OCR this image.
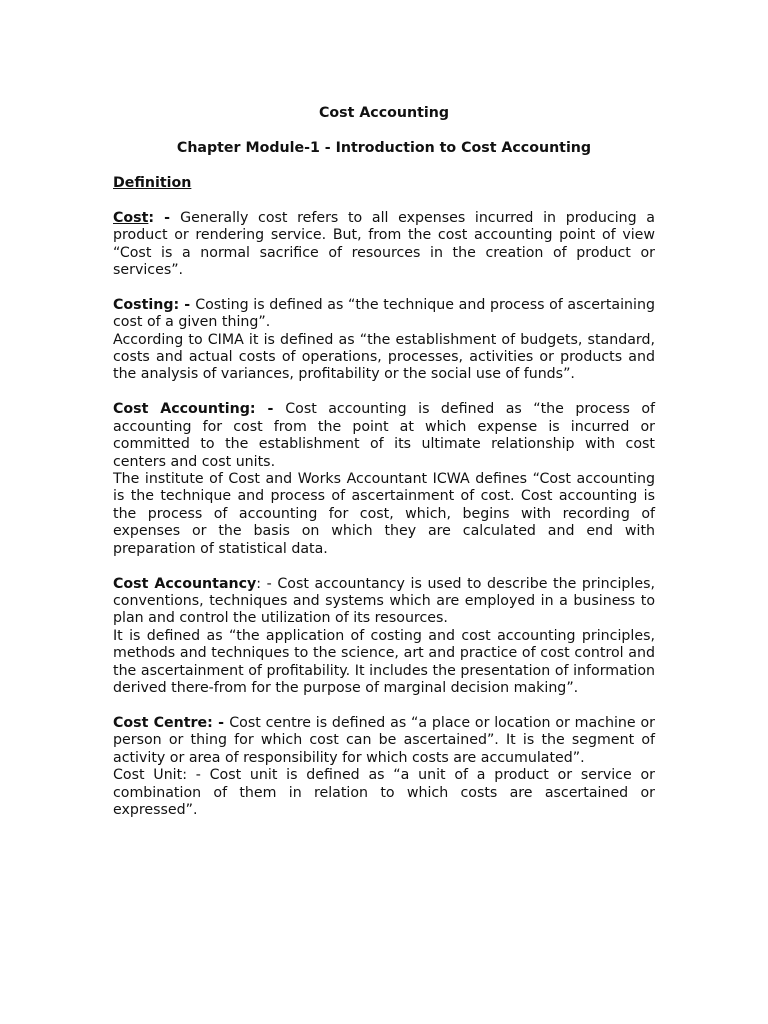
Cost Accounting
Chapter Module-1 - Introduction to Cost Accounting
Definition

Cost: - Generally cost refers to all expenses incurred in producing a product or rendering service. But, from the cost accounting point of view “Cost is a normal sacrifice of resources in the creation of product or services”.

Costing: - Costing is defined as “the technique and process of ascertaining cost of a given thing”.

According to CIMA it is defined as “the establishment of budgets, standard, costs and actual costs of operations, processes, activities or products and the analysis of variances, profitability or the social use of funds”.

Cost Accounting: - Cost accounting is defined as “the process of accounting for cost from the point at which expense is incurred or committed to the establishment of its ultimate relationship with cost centers and cost units.

The institute of Cost and Works Accountant ICWA defines “Cost accounting is the technique and process of ascertainment of cost. Cost accounting is the process of accounting for cost, which, begins with recording of expenses or the basis on which they are calculated and end with preparation of statistical data.

Cost Accountancy: - Cost accountancy is used to describe the principles, conventions, techniques and systems which are employed in a business to plan and control the utilization of its resources.

It is defined as “the application of costing and cost accounting principles, methods and techniques to the science, art and practice of cost control and the ascertainment of profitability. It includes the presentation of information derived there-from for the purpose of marginal decision making”.

Cost Centre: - Cost centre is defined as “a place or location or machine or person or thing for which cost can be ascertained”. It is the segment of activity or area of responsibility for which costs are accumulated”.

Cost Unit: - Cost unit is defined as “a unit of a product or service or combination of them in relation to which costs are ascertained or expressed”.
